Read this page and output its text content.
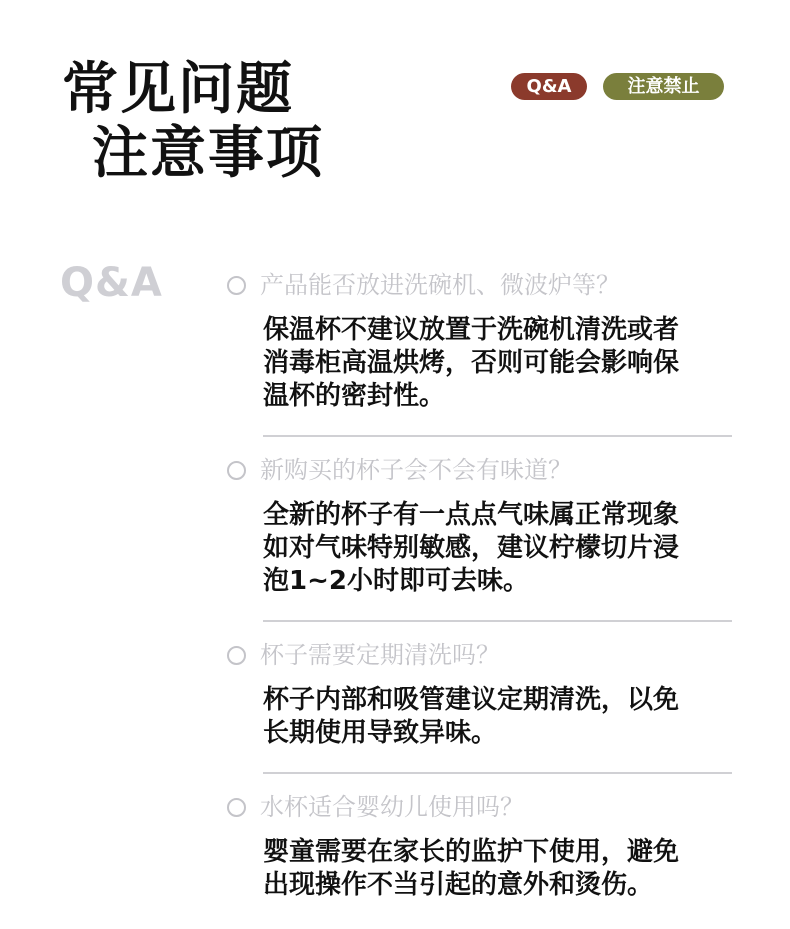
常见问题
注意事项
Q&A	注意禁止
Q&A	产品能否放进洗碗机、微波炉等？
保温杯不建议放置于洗碗机清洗或者
消毒柜高温烘烤，否则可能会影响保
温杯的密封性。
新购买的杯子会不会有味道？
全新的杯子有一点点气味属正常现象
如对气味特别敏感，建议柠檬切片浸
泡1~2小时即可去味。
杯子需要定期清洗吗？
杯子内部和吸管建议定期清洗，以免
长期使用导致异味。
水杯适合婴幼儿使用吗？
婴童需要在家长的监护下使用，避免
出现操作不当引起的意外和烫伤。
